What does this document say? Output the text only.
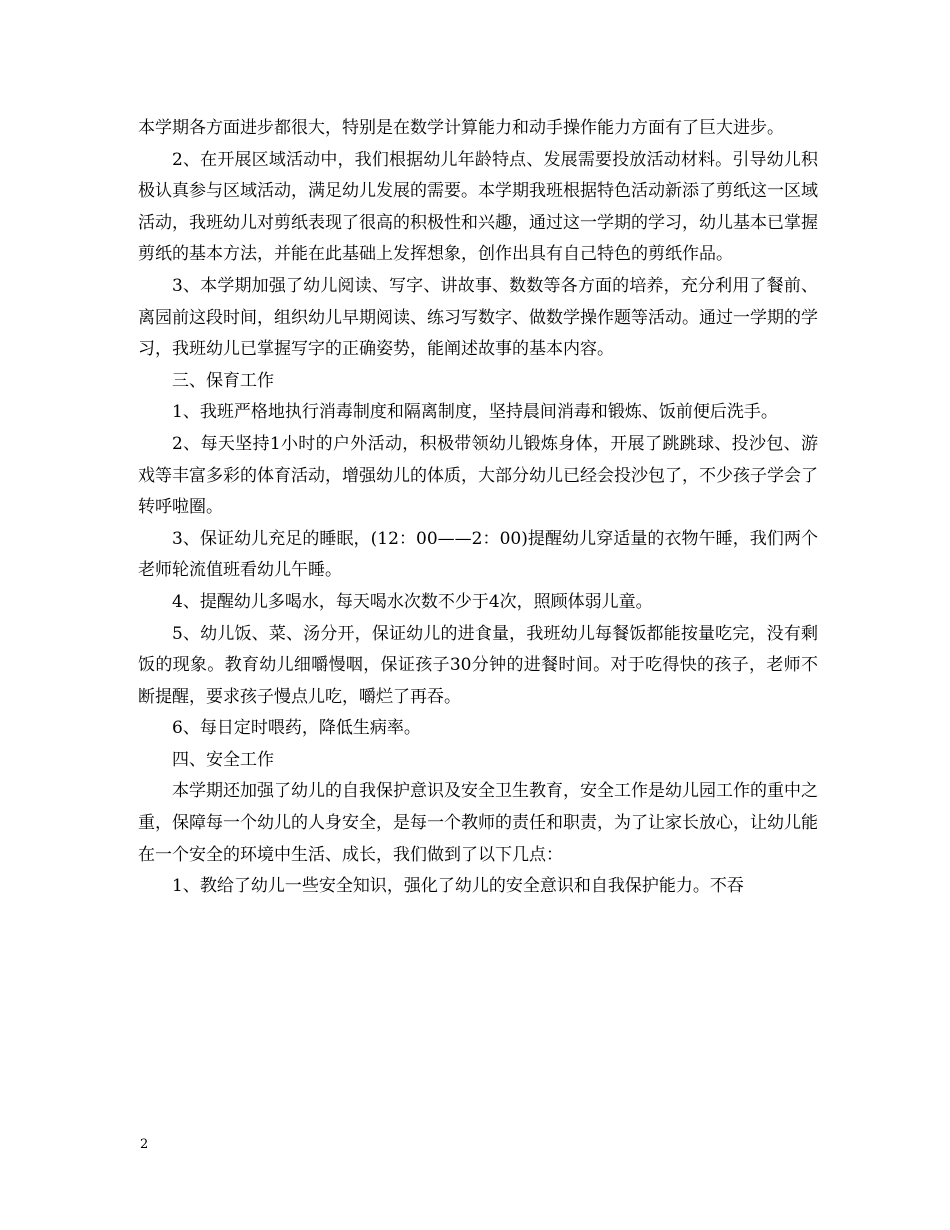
本学期各方面进步都很大，特别是在数学计算能力和动手操作能力方面有了巨大进步。

2、在开展区域活动中，我们根据幼儿年龄特点、发展需要投放活动材料。引导幼儿积极认真参与区域活动，满足幼儿发展的需要。本学期我班根据特色活动新添了剪纸这一区域活动，我班幼儿对剪纸表现了很高的积极性和兴趣，通过这一学期的学习，幼儿基本已掌握剪纸的基本方法，并能在此基础上发挥想象，创作出具有自己特色的剪纸作品。

3、本学期加强了幼儿阅读、写字、讲故事、数数等各方面的培养，充分利用了餐前、离园前这段时间，组织幼儿早期阅读、练习写数字、做数学操作题等活动。通过一学期的学习，我班幼儿已掌握写字的正确姿势，能阐述故事的基本内容。

三、保育工作

1、我班严格地执行消毒制度和隔离制度，坚持晨间消毒和锻炼、饭前便后洗手。

2、每天坚持1小时的户外活动，积极带领幼儿锻炼身体，开展了跳跳球、投沙包、游戏等丰富多彩的体育活动，增强幼儿的体质，大部分幼儿已经会投沙包了，不少孩子学会了转呼啦圈。

3、保证幼儿充足的睡眠，(12：00——2：00)提醒幼儿穿适量的衣物午睡，我们两个老师轮流值班看幼儿午睡。

4、提醒幼儿多喝水，每天喝水次数不少于4次，照顾体弱儿童。

5、幼儿饭、菜、汤分开，保证幼儿的进食量，我班幼儿每餐饭都能按量吃完，没有剩饭的现象。教育幼儿细嚼慢咽，保证孩子30分钟的进餐时间。对于吃得快的孩子，老师不断提醒，要求孩子慢点儿吃，嚼烂了再吞。

6、每日定时喂药，降低生病率。

四、安全工作

本学期还加强了幼儿的自我保护意识及安全卫生教育，安全工作是幼儿园工作的重中之重，保障每一个幼儿的人身安全，是每一个教师的责任和职责，为了让家长放心，让幼儿能在一个安全的环境中生活、成长，我们做到了以下几点：

1、教给了幼儿一些安全知识，强化了幼儿的安全意识和自我保护能力。不吞

2
